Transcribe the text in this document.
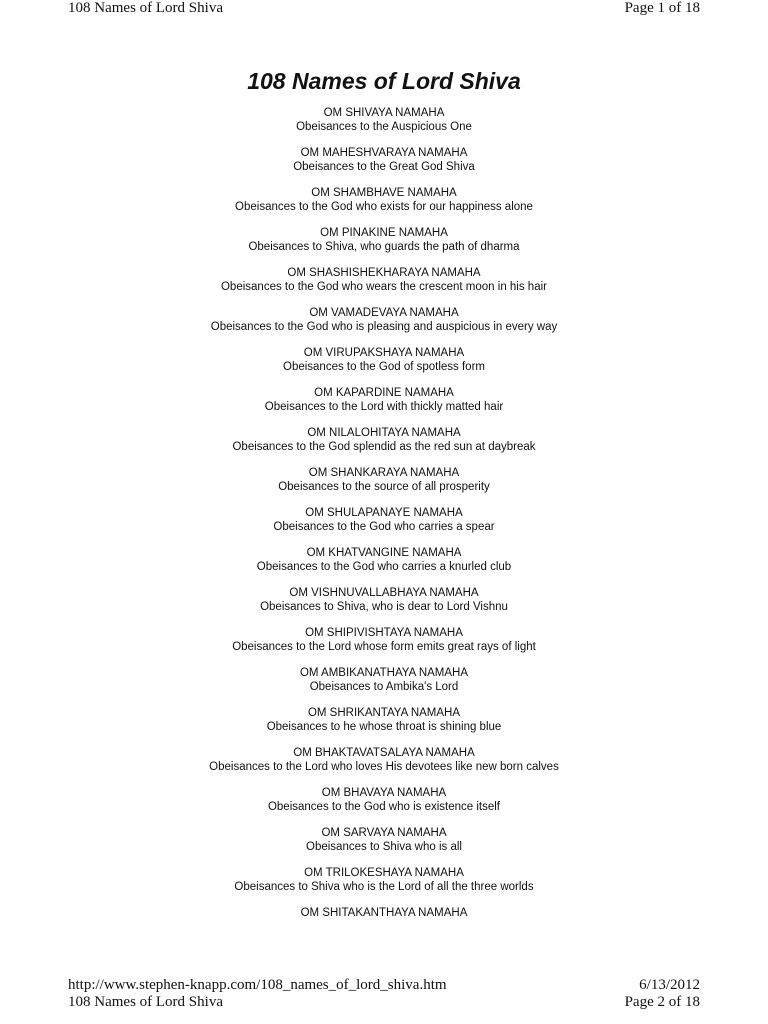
108 Names of Lord Shiva	Page 1 of 18
108 Names of Lord Shiva
OM SHIVAYA NAMAHA
Obeisances to the Auspicious One
OM MAHESHVARAYA NAMAHA
Obeisances to the Great God Shiva
OM SHAMBHAVE NAMAHA
Obeisances to the God who exists for our happiness alone
OM PINAKINE NAMAHA
Obeisances to Shiva, who guards the path of dharma
OM SHASHISHEKHARAYA NAMAHA
Obeisances to the God who wears the crescent moon in his hair
OM VAMADEVAYA NAMAHA
Obeisances to the God who is pleasing and auspicious in every way
OM VIRUPAKSHAYA NAMAHA
Obeisances to the God of spotless form
OM KAPARDINE NAMAHA
Obeisances to the Lord with thickly matted hair
OM NILALOHITAYA NAMAHA
Obeisances to the God splendid as the red sun at daybreak
OM SHANKARAYA NAMAHA
Obeisances to the source of all prosperity
OM SHULAPANAYE NAMAHA
Obeisances to the God who carries a spear
OM KHATVANGINE NAMAHA
Obeisances to the God who carries a knurled club
OM VISHNUVALLABHAYA NAMAHA
Obeisances to Shiva, who is dear to Lord Vishnu
OM SHIPIVISHTAYA NAMAHA
Obeisances to the Lord whose form emits great rays of light
OM AMBIKANATHAYA NAMAHA
Obeisances to Ambika's Lord
OM SHRIKANTAYA NAMAHA
Obeisances to he whose throat is shining blue
OM BHAKTAVATSALAYA NAMAHA
Obeisances to the Lord who loves His devotees like new born calves
OM BHAVAYA NAMAHA
Obeisances to the God who is existence itself
OM SARVAYA NAMAHA
Obeisances to Shiva who is all
OM TRILOKESHAYA NAMAHA
Obeisances to Shiva who is the Lord of all the three worlds
OM SHITAKANTHAYA NAMAHA
http://www.stephen-knapp.com/108_names_of_lord_shiva.htm	6/13/2012
108 Names of Lord Shiva	Page 2 of 18
